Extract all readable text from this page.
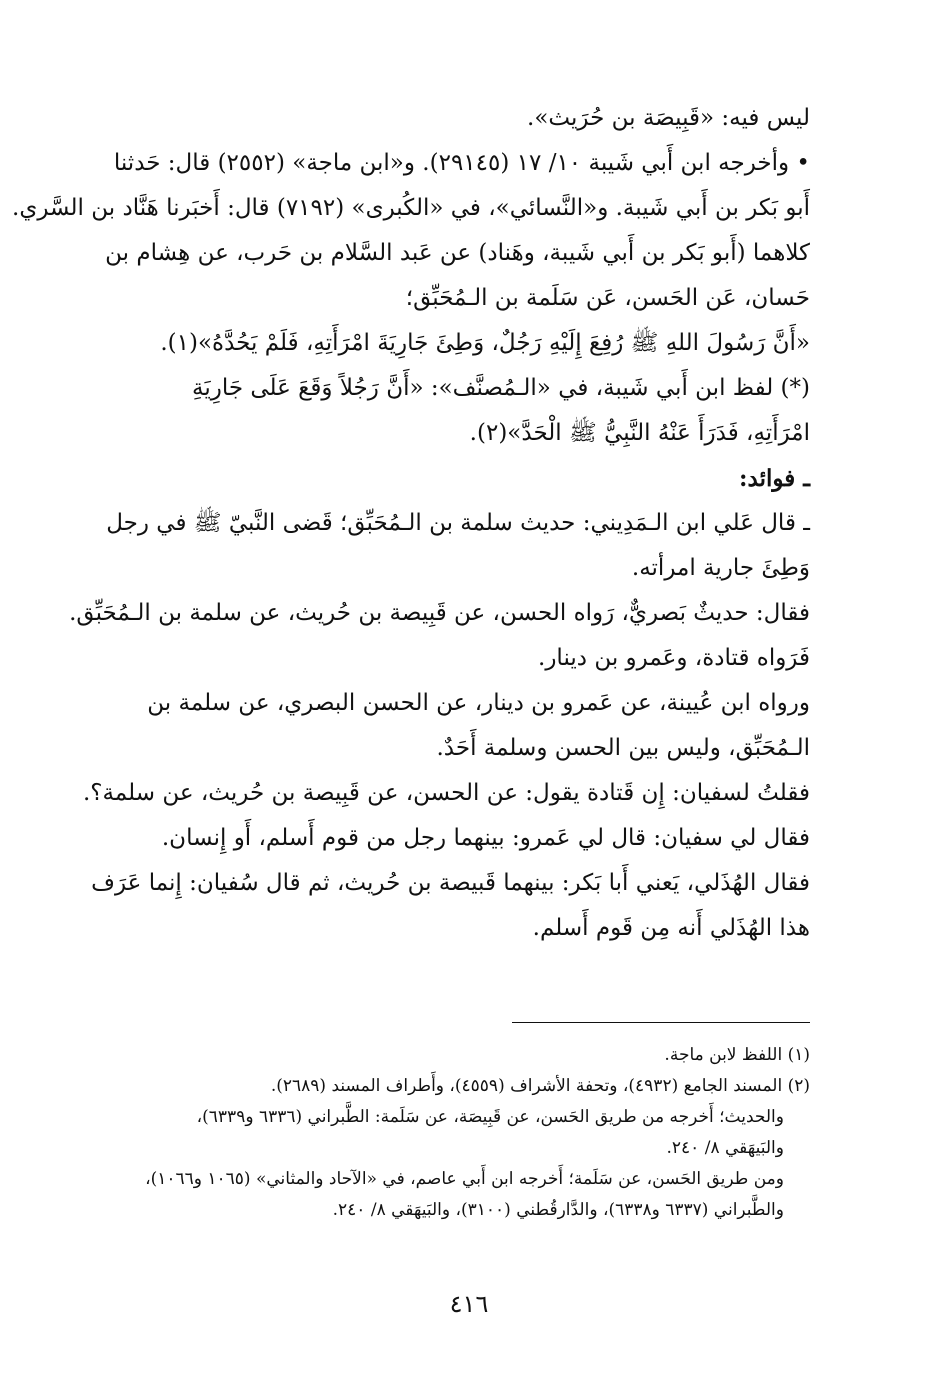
ليس فيه: «قَبِيصَة بن حُرَيث».

• وأخرجه ابن أَبي شَيبة ١٠/ ١٧ (٢٩١٤٥). و«ابن ماجة» (٢٥٥٢) قال: حَدثنا

أَبو بَكر بن أَبي شَيبة. و«النَّسائي»، في «الكُبرى» (٧١٩٢) قال: أَخبَرنا هَنَّاد بن السَّري.

كلاهما (أَبو بَكر بن أَبي شَيبة، وهَناد) عن عَبد السَّلام بن حَرب، عن هِشام بن

حَسان، عَن الحَسن، عَن سَلَمة بن الـمُحَبِّق؛

«أَنَّ رَسُولَ اللهِ ﷺ رُفِعَ إِلَيْهِ رَجُلٌ، وَطِئَ جَارِيَةَ امْرَأَتِهِ، فَلَمْ يَحُدَّهُ»(١).

(*) لفظ ابن أَبي شَيبة، في «الـمُصنَّف»: «أَنَّ رَجُلاً وَقَعَ عَلَى جَارِيَةِ

امْرَأَتِهِ، فَدَرَأَ عَنْهُ النَّبِيُّ ﷺ الْحَدَّ»(٢).

ـ فوائد:

ـ قال عَلي ابن الـمَدِيني: حديث سلمة بن الـمُحَبِّق؛ قَضى النَّبيّ ﷺ في رجل

وَطِئَ جارية امرأته.

فقال: حديثٌ بَصريٌّ، رَواه الحسن، عن قَبِيصة بن حُريث، عن سلمة بن الـمُحَبِّق.

فَرَواه قتادة، وعَمرو بن دينار.

ورواه ابن عُيينة، عن عَمرو بن دينار، عن الحسن البصري، عن سلمة بن

الـمُحَبِّق، وليس بين الحسن وسلمة أَحَدٌ.

فقلتُ لسفيان: إِن قَتادة يقول: عن الحسن، عن قَبِيصة بن حُريث، عن سلمة؟.

فقال لي سفيان: قال لي عَمرو: بينهما رجل من قوم أَسلم، أَو إِنسان.

فقال الهُذَلي، يَعني أَبا بَكر: بينهما قَبيصة بن حُريث، ثم قال سُفيان: إِنما عَرَف

هذا الهُذَلي أَنه مِن قَوم أَسلم.

(١) اللفظ لابن ماجة.

(٢) المسند الجامع (٤٩٣٢)، وتحفة الأشراف (٤٥٥٩)، وأَطراف المسند (٢٦٨٩).

والحديث؛ أَخرجه من طريق الحَسن، عن قَبِيصَة، عن سَلَمة: الطَّبراني (٦٣٣٦ و٦٣٣٩)،

والبَيهَقي ٨/ ٢٤٠.

ومن طريق الحَسن، عن سَلَمة؛ أَخرجه ابن أَبي عاصم، في «الآحاد والمثاني» (١٠٦٥ و١٠٦٦)،

والطَّبراني (٦٣٣٧ و٦٣٣٨)، والدَّارقُطني (٣١٠٠)، والبَيهَقي ٨/ ٢٤٠.

٤١٦
